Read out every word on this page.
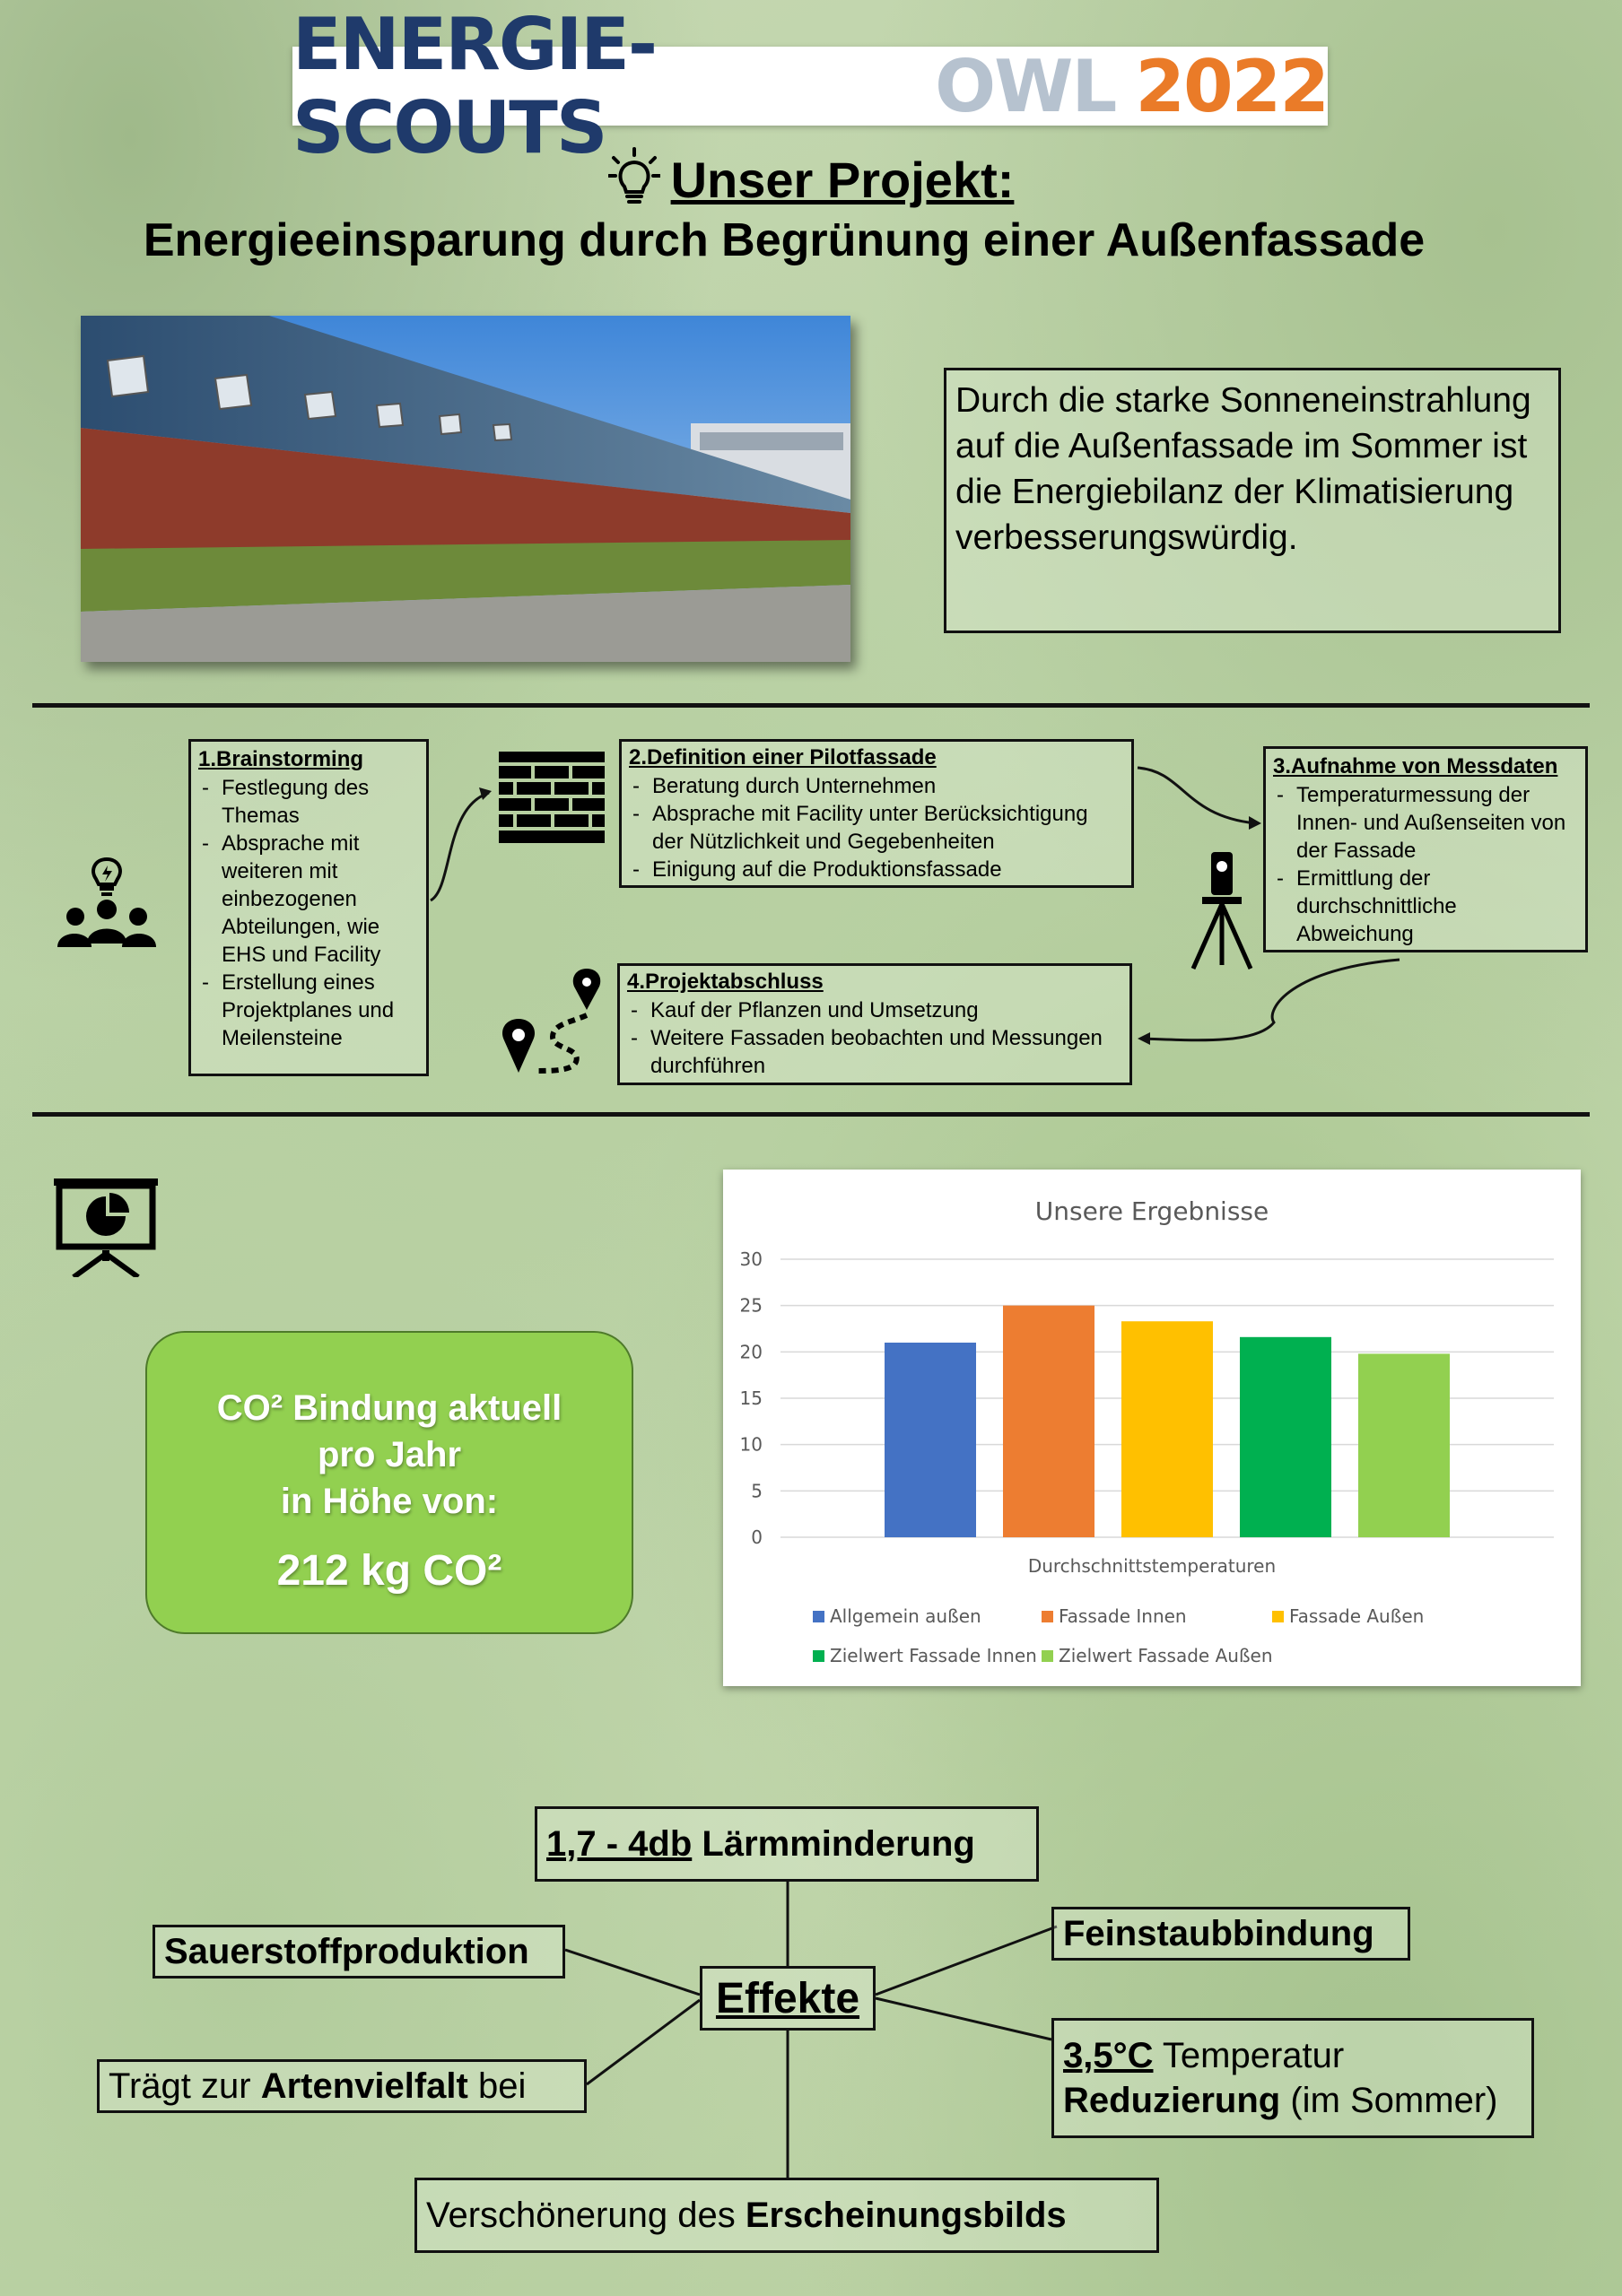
ENERGIE-SCOUTS	OWL 2022
Unser Projekt:
Energieeinsparung durch Begrünung einer Außenfassade
Durch die starke Sonneneinstrahlung auf die Außenfassade im Sommer ist die Energiebilanz der Klimatisierung verbesserungswürdig.
1.Brainstorming
- Festlegung des Themas
- Absprache mit weiteren mit einbezogenen Abteilungen, wie EHS und Facility
- Erstellung eines Projektplanes und Meilensteine
2.Definition einer Pilotfassade
- Beratung durch Unternehmen
- Absprache mit Facility unter Berücksichtigung der Nützlichkeit und Gegebenheiten
- Einigung auf die Produktionsfassade
3.Aufnahme von Messdaten
- Temperaturmessung der Innen- und Außenseiten von der Fassade
- Ermittlung der durchschnittliche Abweichung
4.Projektabschluss
- Kauf der Pflanzen und Umsetzung
- Weitere Fassaden beobachten und Messungen durchführen
CO² Bindung aktuell
pro Jahr
in Höhe von:
212 kg CO²
Unsere Ergebnisse
0
5
10
15
20
25
30
Durchschnittstemperaturen
Allgemein außen	Fassade Innen	Fassade Außen
Zielwert Fassade Innen Zielwert Fassade Außen
1,7 - 4db
Lärmminderung
Sauerstoffproduktion	Feinstaubbindung
Effekte
Trägt zur
Artenvielfalt
bei
3,5°C Temperatur
Reduzierung (im Sommer)
Verschönerung des
Erscheinungsbilds
